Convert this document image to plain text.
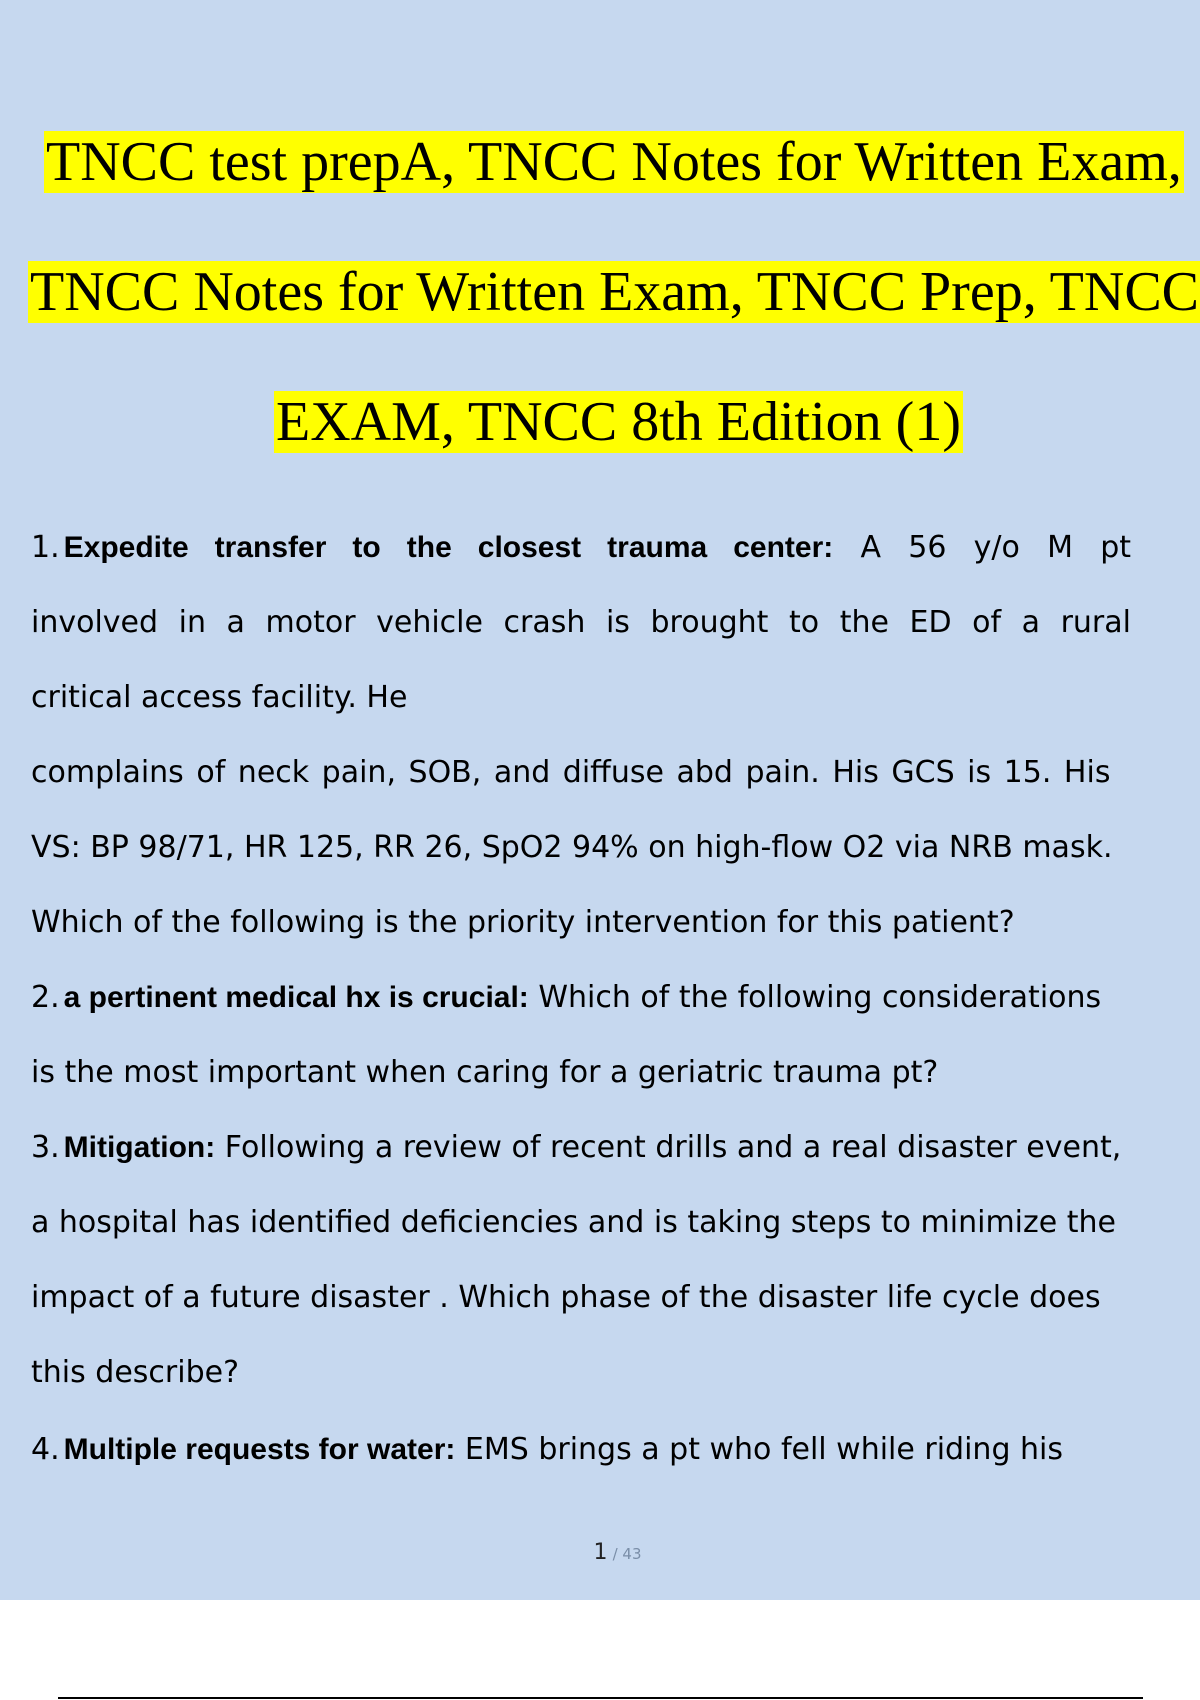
TNCC test prepA, TNCC Notes for Written Exam,
TNCC Notes for Written Exam, TNCC Prep, TNCC
EXAM, TNCC 8th Edition (1)
1. Expedite transfer to the closest trauma center: A 56 y/o M pt
involved in a motor vehicle crash is brought to the ED of a rural
critical access facility. He
complains of neck pain, SOB, and diffuse abd pain. His GCS is 15. His
VS: BP 98/71, HR 125, RR 26, SpO2 94% on high-flow O2 via NRB mask.
Which of the following is the priority intervention for this patient?
2. a pertinent medical hx is crucial: Which of the following considerations
is the most important when caring for a geriatric trauma pt?
3. Mitigation: Following a review of recent drills and a real disaster event,
a hospital has identified deficiencies and is taking steps to minimize the
impact of a future disaster . Which phase of the disaster life cycle does
this describe?
4. Multiple requests for water: EMS brings a pt who fell while riding his
1 / 43
